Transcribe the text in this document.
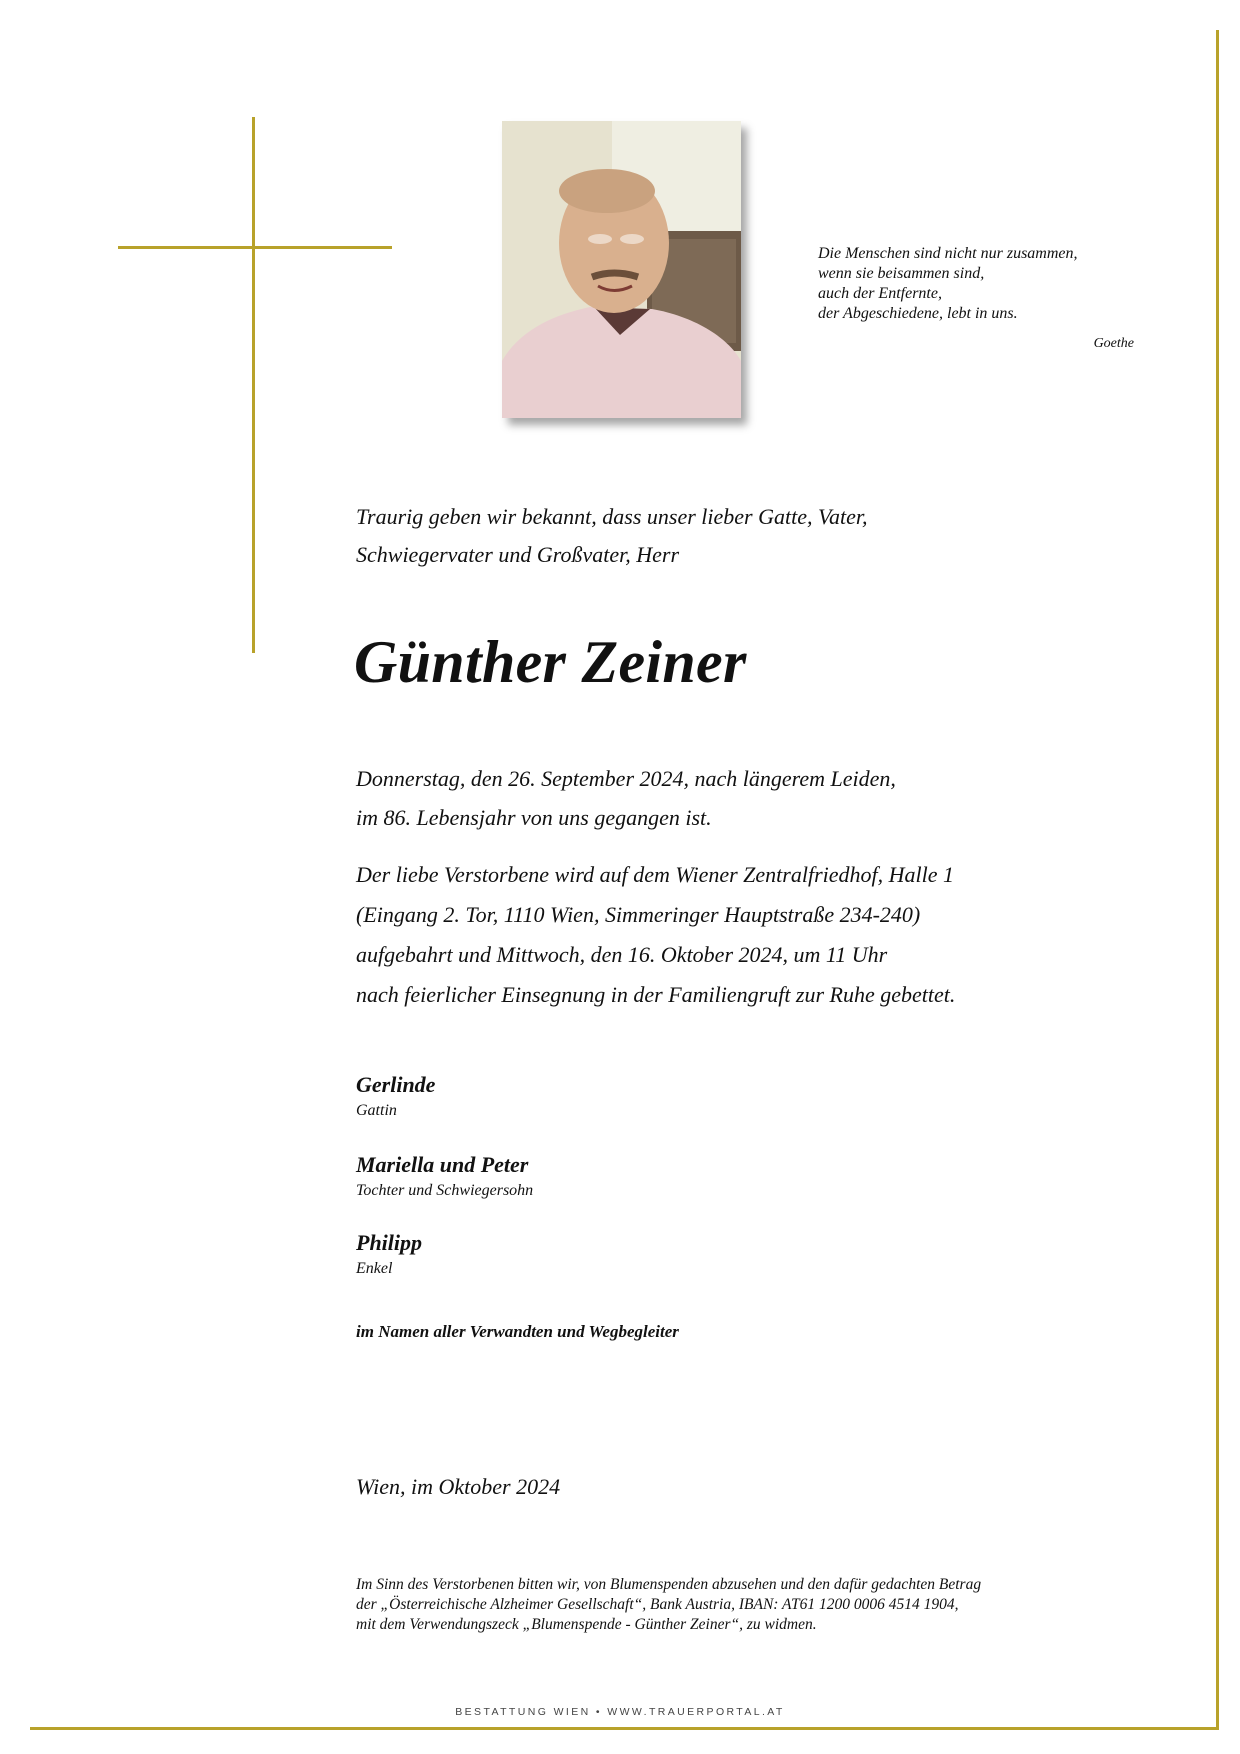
Die Menschen sind nicht nur zusammen,
wenn sie beisammen sind,
auch der Entfernte,
der Abgeschiedene, lebt in uns.
Goethe
Traurig geben wir bekannt, dass unser lieber Gatte, Vater,
Schwiegervater und Großvater, Herr
Günther Zeiner
Donnerstag, den 26. September 2024, nach längerem Leiden,
im 86. Lebensjahr von uns gegangen ist.
Der liebe Verstorbene wird auf dem Wiener Zentralfriedhof, Halle 1
(Eingang 2. Tor, 1110 Wien, Simmeringer Hauptstraße 234-240)
aufgebahrt und Mittwoch, den 16. Oktober 2024, um 11 Uhr
nach feierlicher Einsegnung in der Familiengruft zur Ruhe gebettet.
Gerlinde
Gattin
Mariella und Peter
Tochter und Schwiegersohn
Philipp
Enkel
im Namen aller Verwandten und Wegbegleiter
Wien, im Oktober 2024
Im Sinn des Verstorbenen bitten wir, von Blumenspenden abzusehen und den dafür gedachten Betrag
der „Österreichische Alzheimer Gesellschaft“, Bank Austria, IBAN: AT61 1200 0006 4514 1904,
mit dem Verwendungszeck „Blumenspende - Günther Zeiner“, zu widmen.
BESTATTUNG WIEN • WWW.TRAUERPORTAL.AT
